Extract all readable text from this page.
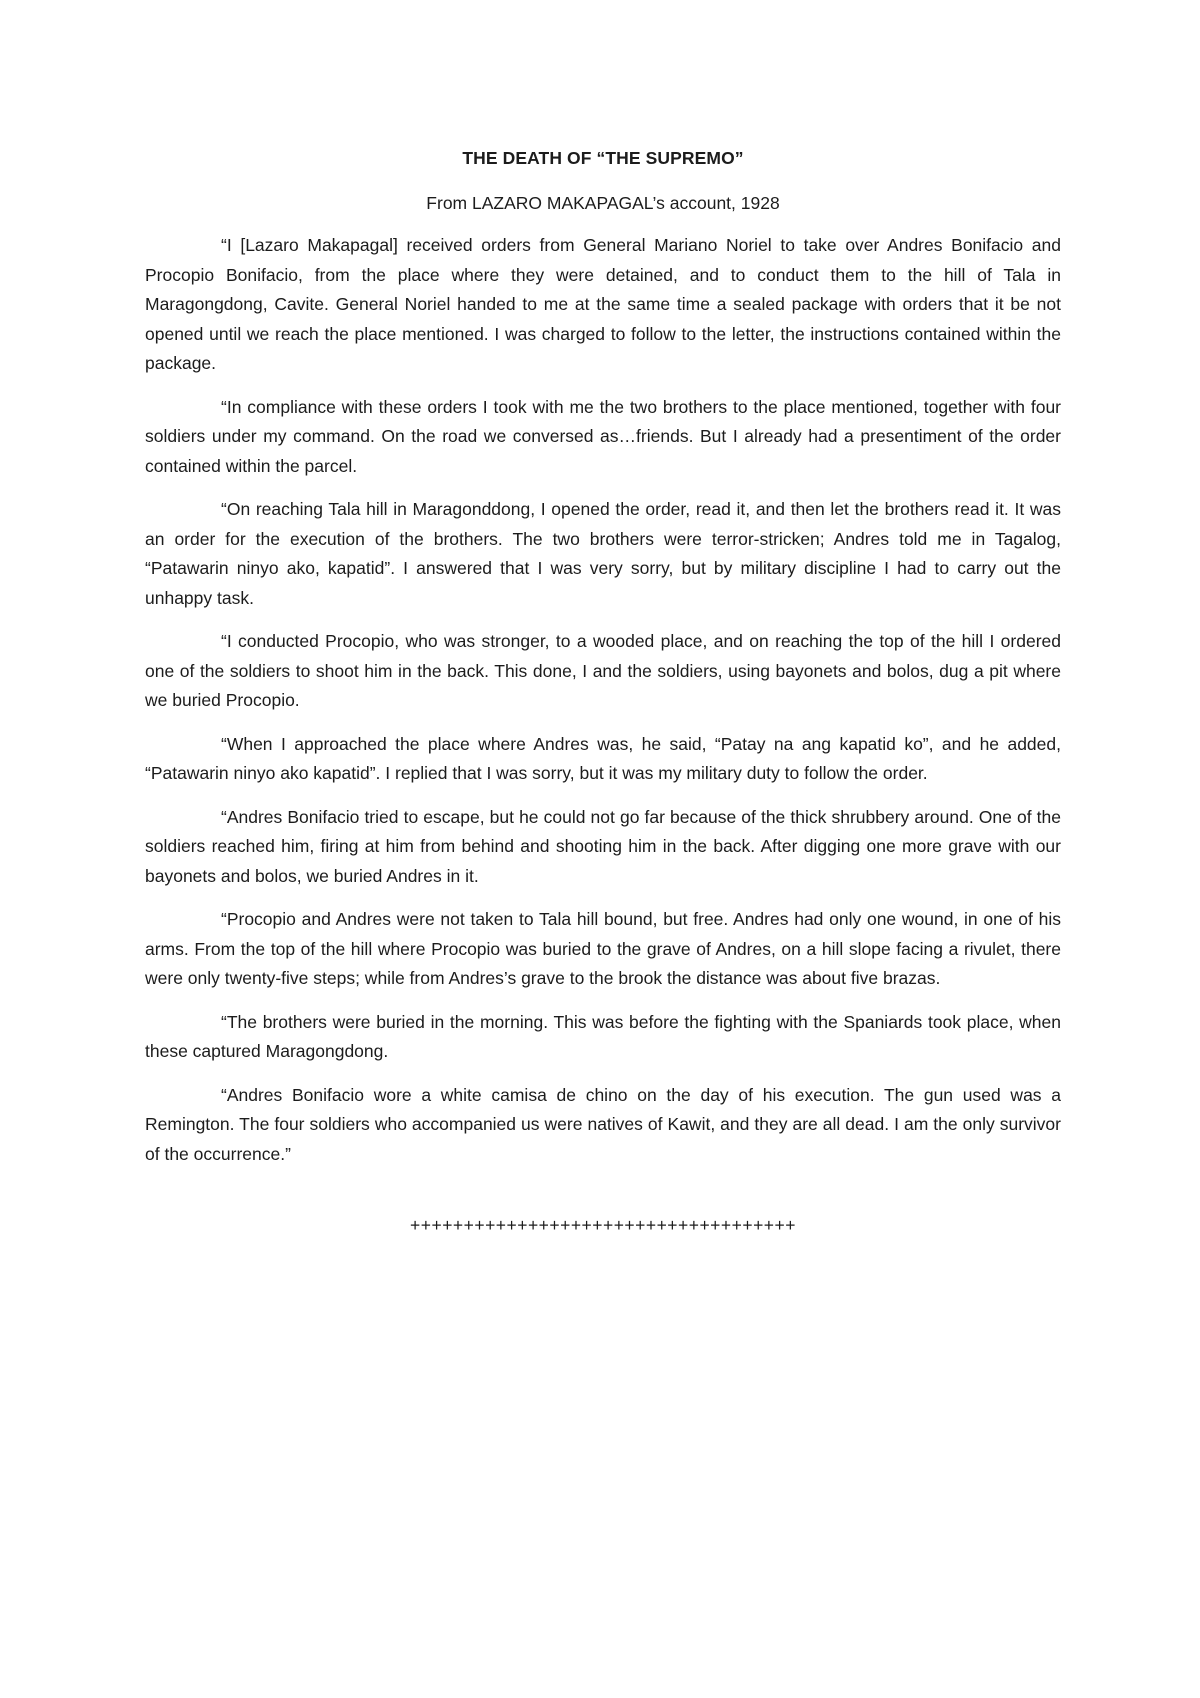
THE DEATH OF “THE SUPREMO”

From LAZARO MAKAPAGAL’s account, 1928

“I [Lazaro Makapagal] received orders from General Mariano Noriel to take over Andres Bonifacio and Procopio Bonifacio, from the place where they were detained, and to conduct them to the hill of Tala in Maragongdong, Cavite. General Noriel handed to me at the same time a sealed package with orders that it be not opened until we reach the place mentioned. I was charged to follow to the letter, the instructions contained within the package.

“In compliance with these orders I took with me the two brothers to the place mentioned, together with four soldiers under my command. On the road we conversed as…friends. But I already had a presentiment of the order contained within the parcel.

“On reaching Tala hill in Maragonddong, I opened the order, read it, and then let the brothers read it. It was an order for the execution of the brothers. The two brothers were terror-stricken; Andres told me in Tagalog, “Patawarin ninyo ako, kapatid”. I answered that I was very sorry, but by military discipline I had to carry out the unhappy task.

“I conducted Procopio, who was stronger, to a wooded place, and on reaching the top of the hill I ordered one of the soldiers to shoot him in the back. This done, I and the soldiers, using bayonets and bolos, dug a pit where we buried Procopio.

“When I approached the place where Andres was, he said, “Patay na ang kapatid ko”, and he added, “Patawarin ninyo ako kapatid”. I replied that I was sorry, but it was my military duty to follow the order.

“Andres Bonifacio tried to escape, but he could not go far because of the thick shrubbery around. One of the soldiers reached him, firing at him from behind and shooting him in the back. After digging one more grave with our bayonets and bolos, we buried Andres in it.

“Procopio and Andres were not taken to Tala hill bound, but free. Andres had only one wound, in one of his arms. From the top of the hill where Procopio was buried to the grave of Andres, on a hill slope facing a rivulet, there were only twenty-five steps; while from Andres’s grave to the brook the distance was about five brazas.

“The brothers were buried in the morning. This was before the fighting with the Spaniards took place, when these captured Maragongdong.

“Andres Bonifacio wore a white camisa de chino on the day of his execution. The gun used was a Remington. The four soldiers who accompanied us were natives of Kawit, and they are all dead. I am the only survivor of the occurrence.”

++++++++++++++++++++++++++++++++++++
